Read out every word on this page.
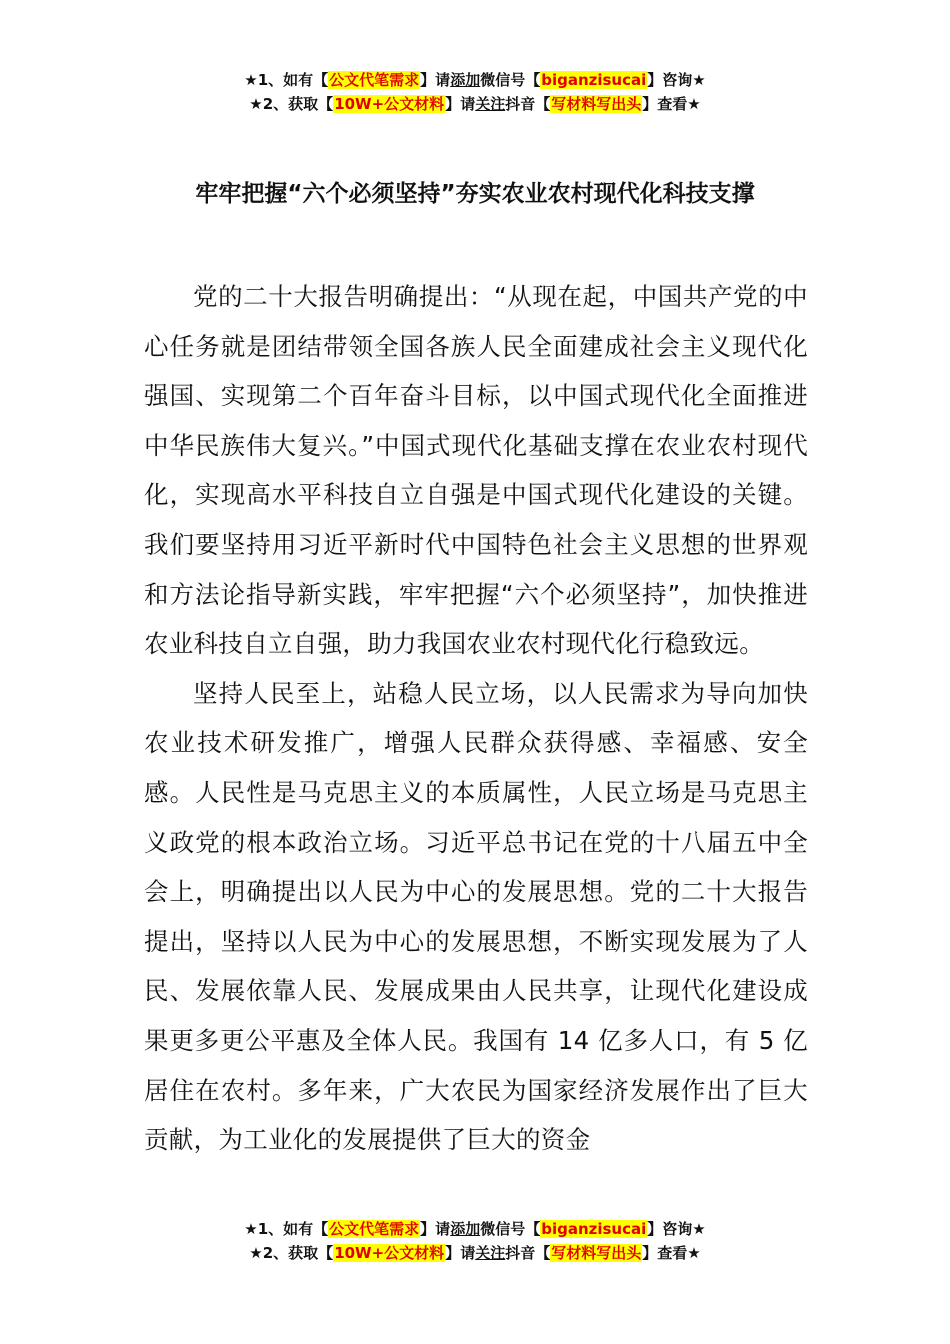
★1、如有【公文代笔需求】请添加微信号【biganzisucai】咨询★
★2、获取【10W+公文材料】请关注抖音【写材料写出头】查看★
牢牢把握“六个必须坚持”夯实农业农村现代化科技支撑

党的二十大报告明确提出：“从现在起，中国共产党的中心任务就是团结带领全国各族人民全面建成社会主义现代化强国、实现第二个百年奋斗目标，以中国式现代化全面推进中华民族伟大复兴。”中国式现代化基础支撑在农业农村现代化，实现高水平科技自立自强是中国式现代化建设的关键。我们要坚持用习近平新时代中国特色社会主义思想的世界观和方法论指导新实践，牢牢把握“六个必须坚持”，加快推进农业科技自立自强，助力我国农业农村现代化行稳致远。

坚持人民至上，站稳人民立场，以人民需求为导向加快农业技术研发推广，增强人民群众获得感、幸福感、安全感。人民性是马克思主义的本质属性，人民立场是马克思主义政党的根本政治立场。习近平总书记在党的十八届五中全会上，明确提出以人民为中心的发展思想。党的二十大报告提出，坚持以人民为中心的发展思想，不断实现发展为了人民、发展依靠人民、发展成果由人民共享，让现代化建设成果更多更公平惠及全体人民。我国有 14 亿多人口，有 5 亿居住在农村。多年来，广大农民为国家经济发展作出了巨大贡献，为工业化的发展提供了巨大的资金

★1、如有【公文代笔需求】请添加微信号【biganzisucai】咨询★
★2、获取【10W+公文材料】请关注抖音【写材料写出头】查看★
